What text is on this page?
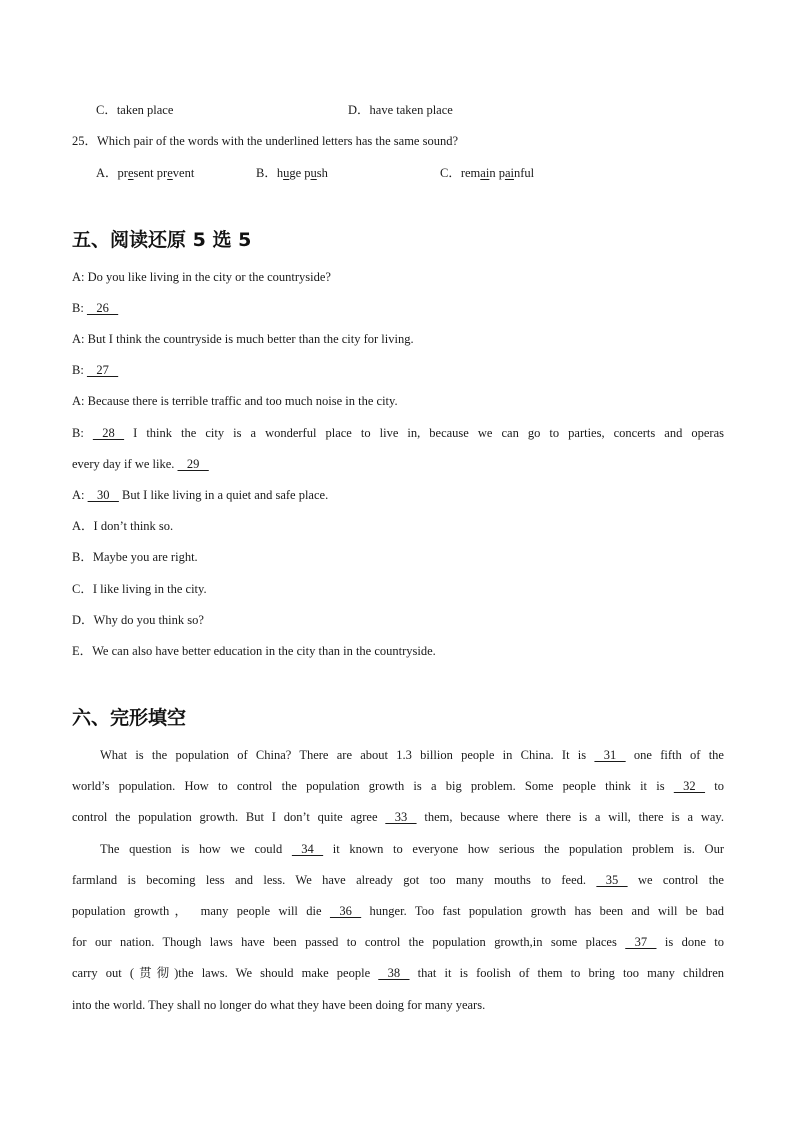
C．taken place	D．have taken place
25．Which pair of the words with the underlined letters has the same sound?
A．present prevent	B．huge push	C．remain painful
五、阅读还原 5 选 5
A: Do you like living in the city or the countryside?
B:    26
A: But I think the countryside is much better than the city for living.
B:    27
A: Because there is terrible traffic and too much noise in the city.
B:    28    I think the city is a wonderful place to live in, because we can go to parties, concerts and operas
every day if we like.    29
A:    30    But I like living in a quiet and safe place.
A．I don’t think so.
B．Maybe you are right.
C．I like living in the city.
D．Why do you think so?
E．We can also have better education in the city than in the countryside.
六、完形填空
What is the population of China? There are about 1.3 billion people in China. It is    31    one fifth of the
world’s population. How to control the population growth is a big problem. Some people think it is    32    to
control the population growth. But I don’t quite agree    33    them, because where there is a will, there is a way.
The question is how we could    34    it known to everyone how serious the population problem is. Our
farmland is becoming less and less. We have already got too many mouths to feed.    35    we control the
population growth， many people will die    36    hunger. Too fast population growth has been and will be bad
for our nation. Though laws have been passed to control the population growth,in some places    37    is done to
carry out (贯彻)the laws. We should make people    38    that it is foolish of them to bring too many children
into the world. They shall no longer do what they have been doing for many years.
